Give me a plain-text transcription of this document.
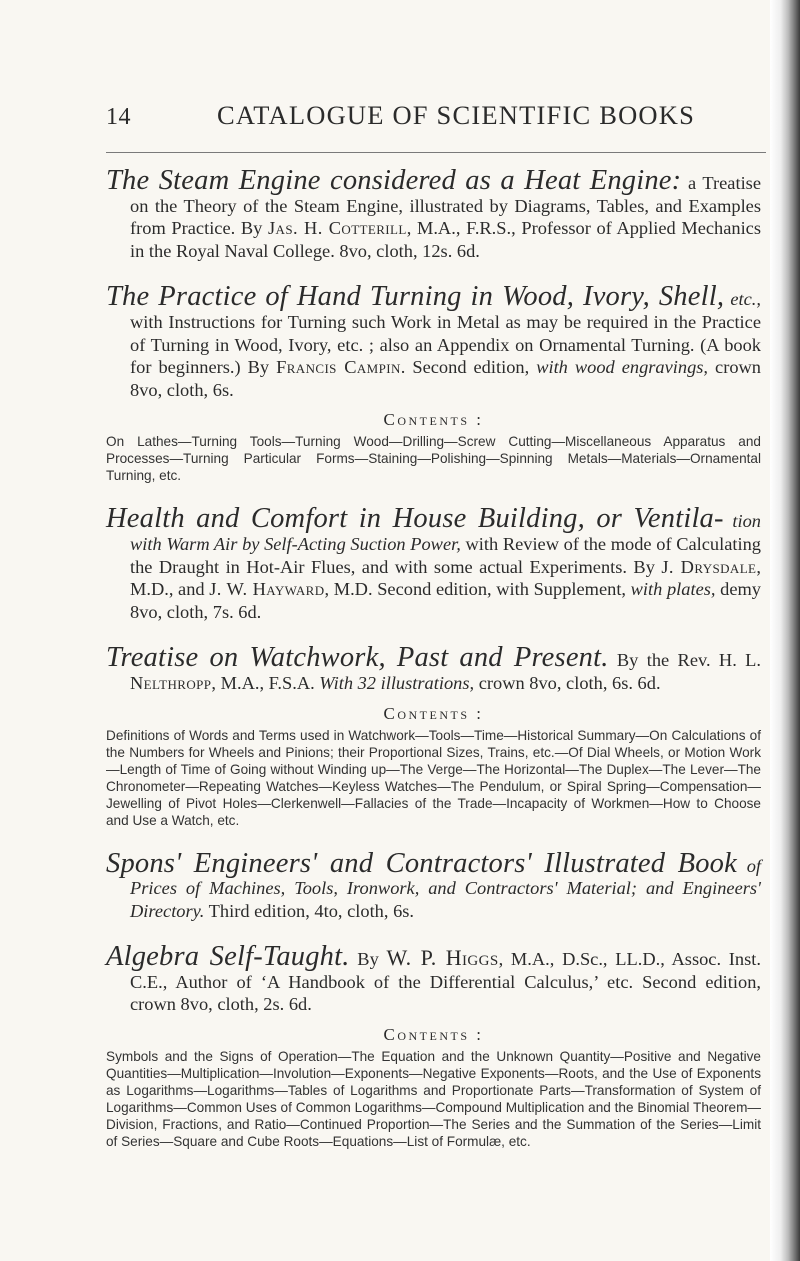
14	CATALOGUE OF SCIENTIFIC BOOKS

The Steam Engine considered as a Heat Engine: a Treatise on the Theory of the Steam Engine, illustrated by Diagrams, Tables, and Examples from Practice. By Jas. H. Cotterill, M.A., F.R.S., Professor of Applied Mechanics in the Royal Naval College. 8vo, cloth, 12s. 6d.

The Practice of Hand Turning in Wood, Ivory, Shell, etc., with Instructions for Turning such Work in Metal as may be required in the Practice of Turning in Wood, Ivory, etc. ; also an Appendix on Ornamental Turning. (A book for beginners.) By Francis Campin. Second edition, with wood engravings, crown 8vo, cloth, 6s.

Contents :

On Lathes—Turning Tools—Turning Wood—Drilling—Screw Cutting—Miscellaneous Apparatus and Processes—Turning Particular Forms—Staining—Polishing—Spinning Metals—Materials—Ornamental Turning, etc.

Health and Comfort in House Building, or Ventila- tion with Warm Air by Self-Acting Suction Power, with Review of the mode of Calculating the Draught in Hot-Air Flues, and with some actual Experiments. By J. Drysdale, M.D., and J. W. Hayward, M.D. Second edition, with Supplement, with plates, demy 8vo, cloth, 7s. 6d.

Treatise on Watchwork, Past and Present. By the Rev. H. L. Nelthropp, M.A., F.S.A. With 32 illustrations, crown 8vo, cloth, 6s. 6d.

Contents :

Definitions of Words and Terms used in Watchwork—Tools—Time—Historical Summary—On Calculations of the Numbers for Wheels and Pinions; their Proportional Sizes, Trains, etc.—Of Dial Wheels, or Motion Work—Length of Time of Going without Winding up—The Verge—The Horizontal—The Duplex—The Lever—The Chronometer—Repeating Watches—Keyless Watches—The Pendulum, or Spiral Spring—Compensation—Jewelling of Pivot Holes—Clerkenwell—Fallacies of the Trade—Incapacity of Workmen—How to Choose and Use a Watch, etc.

Spons' Engineers' and Contractors' Illustrated Book of Prices of Machines, Tools, Ironwork, and Contractors' Material; and Engineers' Directory. Third edition, 4to, cloth, 6s.

Algebra Self-Taught. By W. P. Higgs, M.A., D.Sc., LL.D., Assoc. Inst. C.E., Author of ‘A Handbook of the Differential Calculus,’ etc. Second edition, crown 8vo, cloth, 2s. 6d.

Contents :

Symbols and the Signs of Operation—The Equation and the Unknown Quantity—Positive and Negative Quantities—Multiplication—Involution—Exponents—Negative Exponents—Roots, and the Use of Exponents as Logarithms—Logarithms—Tables of Logarithms and Proportionate Parts—Transformation of System of Logarithms—Common Uses of Common Logarithms—Compound Multiplication and the Binomial Theorem—Division, Fractions, and Ratio—Continued Proportion—The Series and the Summation of the Series—Limit of Series—Square and Cube Roots—Equations—List of Formulæ, etc.
